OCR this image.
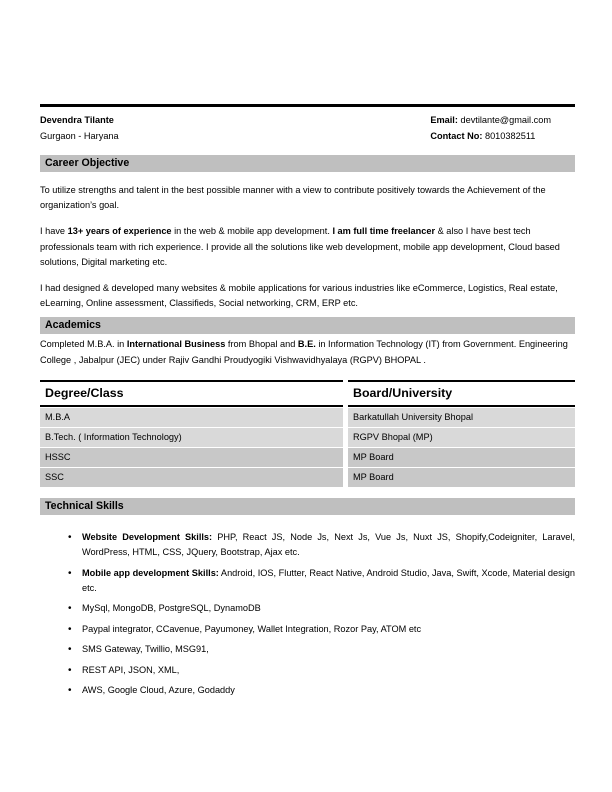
Devendra Tilante
Gurgaon - Haryana
Email: devtilante@gmail.com
Contact No: 8010382511
Career Objective
To utilize strengths and talent in the best possible manner with a view to contribute positively towards the Achievement of the organization’s goal.
I have 13+ years of experience in the web & mobile app development. I am full time freelancer & also I have best tech professionals team with rich experience. I provide all the solutions like web development, mobile app development, Cloud based solutions, Digital marketing etc.
I had designed & developed many websites & mobile applications for various industries like eCommerce, Logistics, Real estate, eLearning, Online assessment, Classifieds, Social networking, CRM, ERP etc.
Academics
Completed M.B.A. in International Business from Bhopal and B.E. in Information Technology (IT) from Government. Engineering College , Jabalpur (JEC) under Rajiv Gandhi Proudyogiki Vishwavidhyalaya (RGPV) BHOPAL .
Degree/Class	Board/University
M.B.A	Barkatullah University Bhopal
B.Tech. ( Information Technology)	RGPV Bhopal (MP)
HSSC	MP Board
SSC	MP Board
Technical Skills
• Website Development Skills: PHP, React JS, Node Js, Next Js, Vue Js, Nuxt JS, Shopify,Codeigniter, Laravel, WordPress, HTML, CSS, JQuery, Bootstrap, Ajax etc.
• Mobile app development Skills: Android, IOS, Flutter, React Native, Android Studio, Java, Swift, Xcode, Material design etc.
• MySql, MongoDB, PostgreSQL, DynamoDB
• Paypal integrator, CCavenue, Payumoney, Wallet Integration, Rozor Pay, ATOM etc
• SMS Gateway, Twillio, MSG91,
• REST API, JSON, XML,
• AWS, Google Cloud, Azure, Godaddy
